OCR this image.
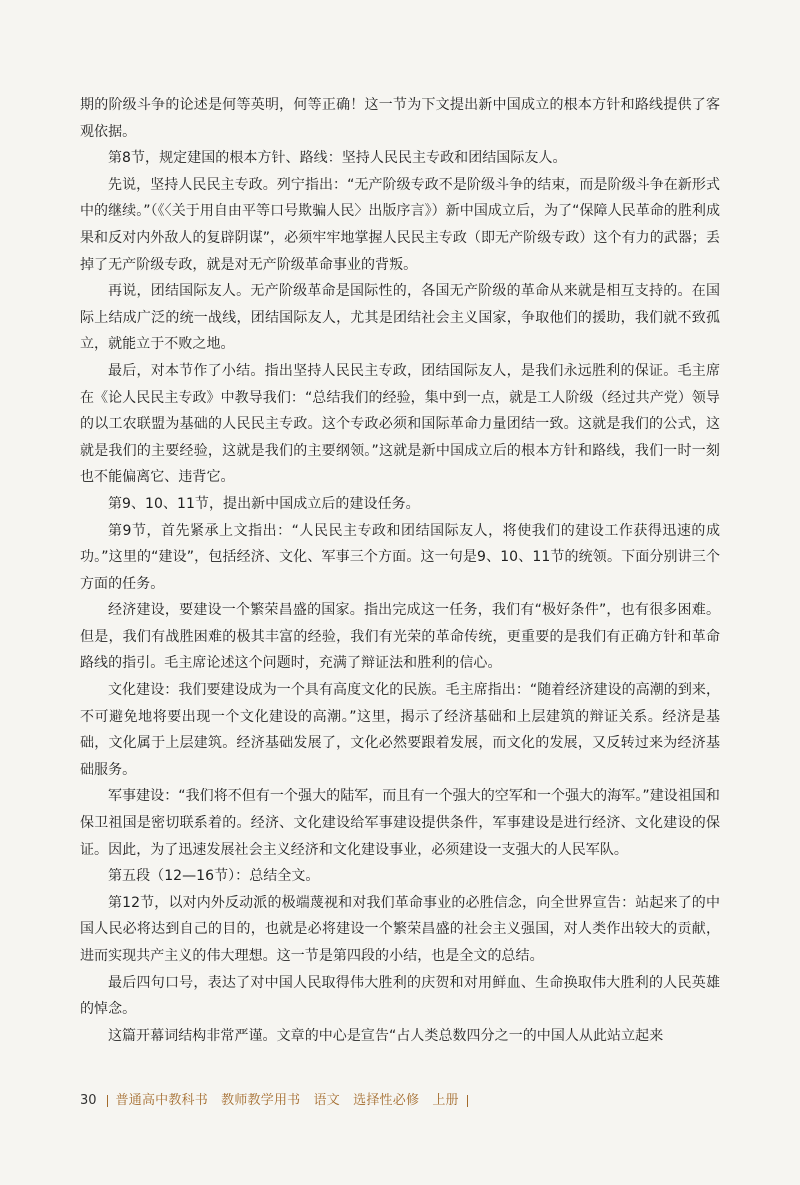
期的阶级斗争的论述是何等英明，何等正确！这一节为下文提出新中国成立的根本方针和路线提供了客观依据。

第8节，规定建国的根本方针、路线：坚持人民民主专政和团结国际友人。

先说，坚持人民民主专政。列宁指出：“无产阶级专政不是阶级斗争的结束，而是阶级斗争在新形式中的继续。”（《〈关于用自由平等口号欺骗人民〉出版序言》）新中国成立后，为了“保障人民革命的胜利成果和反对内外敌人的复辟阴谋”，必须牢牢地掌握人民民主专政（即无产阶级专政）这个有力的武器；丢掉了无产阶级专政，就是对无产阶级革命事业的背叛。

再说，团结国际友人。无产阶级革命是国际性的，各国无产阶级的革命从来就是相互支持的。在国际上结成广泛的统一战线，团结国际友人，尤其是团结社会主义国家，争取他们的援助，我们就不致孤立，就能立于不败之地。

最后，对本节作了小结。指出坚持人民民主专政，团结国际友人，是我们永远胜利的保证。毛主席在《论人民民主专政》中教导我们：“总结我们的经验，集中到一点，就是工人阶级（经过共产党）领导的以工农联盟为基础的人民民主专政。这个专政必须和国际革命力量团结一致。这就是我们的公式，这就是我们的主要经验，这就是我们的主要纲领。”这就是新中国成立后的根本方针和路线，我们一时一刻也不能偏离它、违背它。

第9、10、11节，提出新中国成立后的建设任务。

第9节，首先紧承上文指出：“人民民主专政和团结国际友人，将使我们的建设工作获得迅速的成功。”这里的“建设”，包括经济、文化、军事三个方面。这一句是9、10、11节的统领。下面分别讲三个方面的任务。

经济建设，要建设一个繁荣昌盛的国家。指出完成这一任务，我们有“极好条件”，也有很多困难。但是，我们有战胜困难的极其丰富的经验，我们有光荣的革命传统，更重要的是我们有正确方针和革命路线的指引。毛主席论述这个问题时，充满了辩证法和胜利的信心。

文化建设：我们要建设成为一个具有高度文化的民族。毛主席指出：“随着经济建设的高潮的到来，不可避免地将要出现一个文化建设的高潮。”这里，揭示了经济基础和上层建筑的辩证关系。经济是基础，文化属于上层建筑。经济基础发展了，文化必然要跟着发展，而文化的发展，又反转过来为经济基础服务。

军事建设：“我们将不但有一个强大的陆军，而且有一个强大的空军和一个强大的海军。”建设祖国和保卫祖国是密切联系着的。经济、文化建设给军事建设提供条件，军事建设是进行经济、文化建设的保证。因此，为了迅速发展社会主义经济和文化建设事业，必须建设一支强大的人民军队。

第五段（12—16节）：总结全文。

第12节，以对内外反动派的极端蔑视和对我们革命事业的必胜信念，向全世界宣告：站起来了的中国人民必将达到自己的目的，也就是必将建设一个繁荣昌盛的社会主义强国，对人类作出较大的贡献，进而实现共产主义的伟大理想。这一节是第四段的小结，也是全文的总结。

最后四句口号，表达了对中国人民取得伟大胜利的庆贺和对用鲜血、生命换取伟大胜利的人民英雄的悼念。

这篇开幕词结构非常严谨。文章的中心是宣告“占人类总数四分之一的中国人从此站立起来

30 普通高中教科书　教师教学用书　语文　选择性必修　上册
